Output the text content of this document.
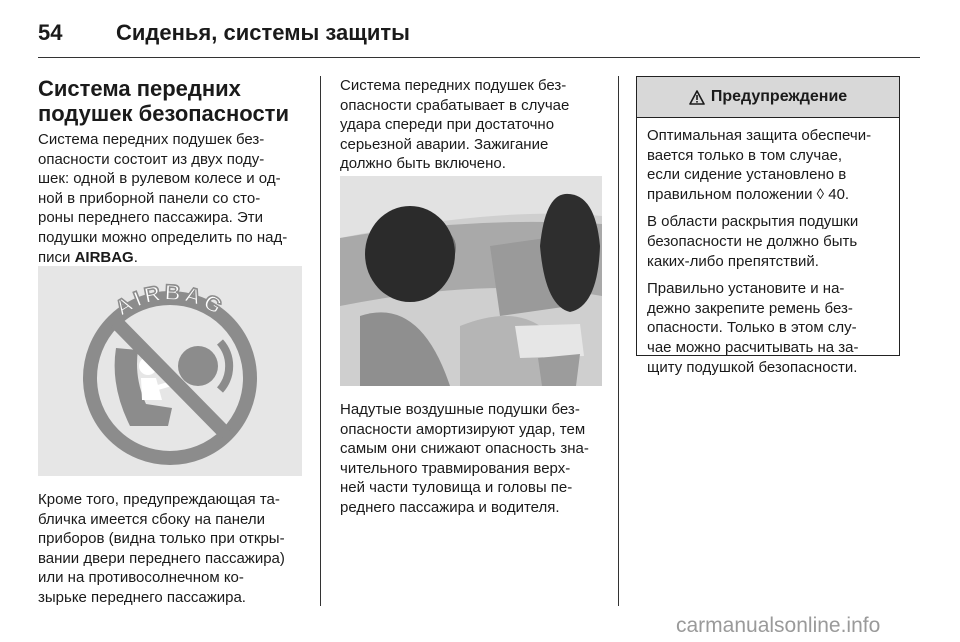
54 Сиденья, системы защиты
Система передних
подушек безопасности

Система передних подушек без-
опасности состоит из двух поду-
шек: одной в рулевом колесе и од-
ной в приборной панели со сто-
роны переднего пассажира. Эти
подушки можно определить по над-
писи AIRBAG.

AIRBAG

Кроме того, предупреждающая та-
бличка имеется сбоку на панели
приборов (видна только при откры-
вании двери переднего пассажира)
или на противосолнечном ко-
зырьке переднего пассажира.

Система передних подушек без-
опасности срабатывает в случае
удара спереди при достаточно
серьезной аварии. Зажигание
должно быть включено.

Надутые воздушные подушки без-
опасности амортизируют удар, тем
самым они снижают опасность зна-
чительного травмирования верх-
ней части туловища и головы пе-
реднего пассажира и водителя.

Предупреждение

Оптимальная защита обеспечи-
вается только в том случае,
если сидение установлено в
правильном положении ◊ 40.

В области раскрытия подушки
безопасности не должно быть
каких-либо препятствий.

Правильно установите и на-
дежно закрепите ремень без-
опасности. Только в этом слу-
чае можно расчитывать на за-
щиту подушкой безопасности.

carmanualsonline.info
